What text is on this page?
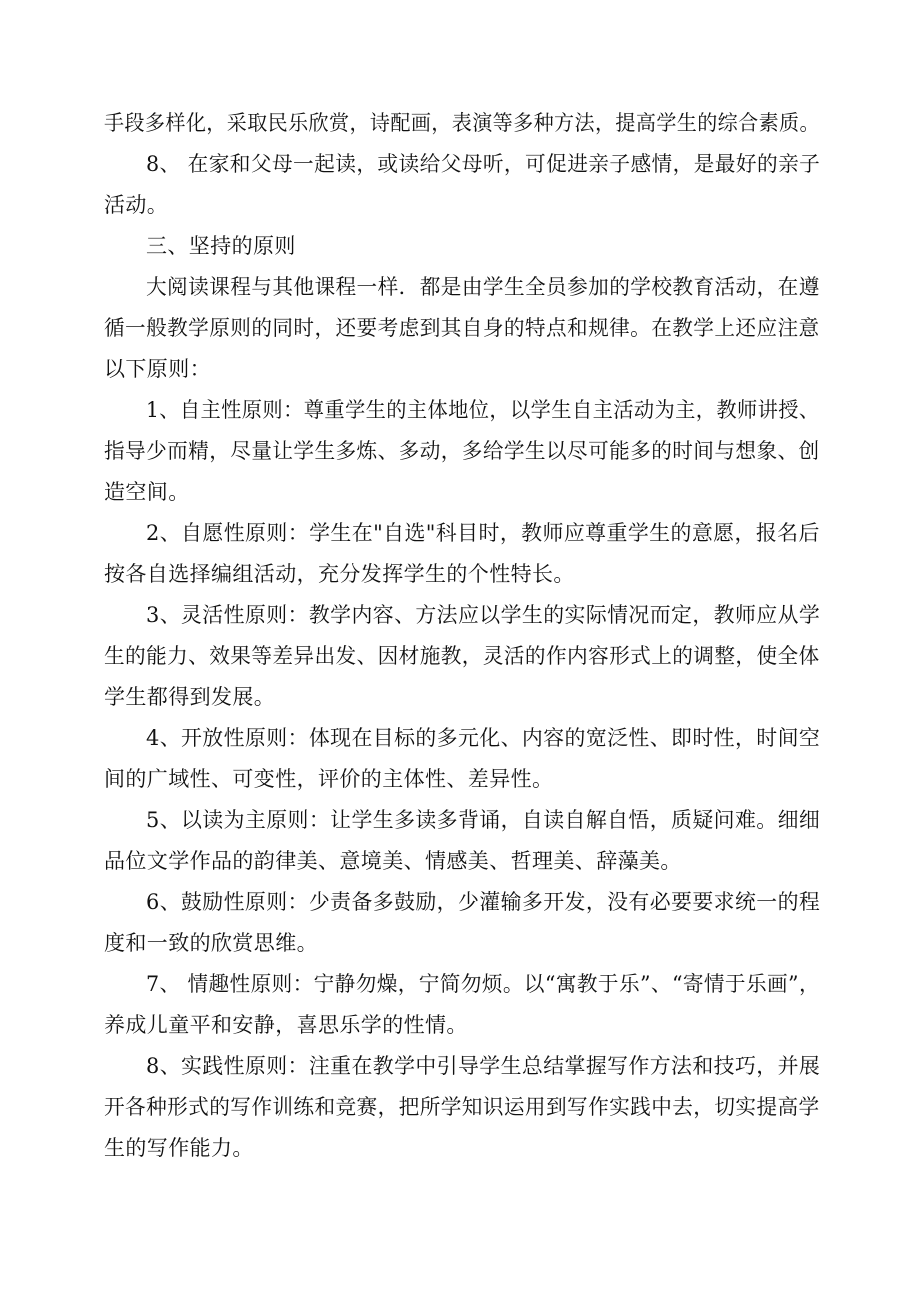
手段多样化，采取民乐欣赏，诗配画，表演等多种方法，提高学生的综合素质。
8、 在家和父母一起读，或读给父母听，可促进亲子感情，是最好的亲子
活动。
三、坚持的原则
大阅读课程与其他课程一样．都是由学生全员参加的学校教育活动，在遵
循一般教学原则的同时，还要考虑到其自身的特点和规律。在教学上还应注意
以下原则：
1、自主性原则：尊重学生的主体地位，以学生自主活动为主，教师讲授、
指导少而精，尽量让学生多炼、多动，多给学生以尽可能多的时间与想象、创
造空间。
2、自愿性原则：学生在"自选"科目时，教师应尊重学生的意愿，报名后
按各自选择编组活动，充分发挥学生的个性特长。
3、灵活性原则：教学内容、方法应以学生的实际情况而定，教师应从学
生的能力、效果等差异出发、因材施教，灵活的作内容形式上的调整，使全体
学生都得到发展。
4、开放性原则：体现在目标的多元化、内容的宽泛性、即时性，时间空
间的广域性、可变性，评价的主体性、差异性。
5、以读为主原则：让学生多读多背诵，自读自解自悟，质疑问难。细细
品位文学作品的韵律美、意境美、情感美、哲理美、辞藻美。
6、鼓励性原则：少责备多鼓励，少灌输多开发，没有必要要求统一的程
度和一致的欣赏思维。
7、 情趣性原则：宁静勿燥，宁简勿烦。以“寓教于乐”、“寄情于乐画”，
养成儿童平和安静，喜思乐学的性情。
8、实践性原则：注重在教学中引导学生总结掌握写作方法和技巧，并展
开各种形式的写作训练和竞赛，把所学知识运用到写作实践中去，切实提高学
生的写作能力。
